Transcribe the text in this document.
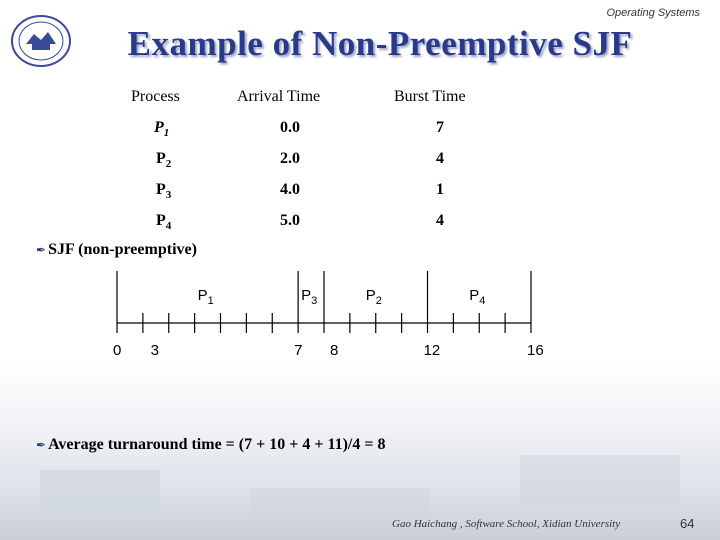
Operating Systems
Example of Non-Preemptive SJF
Process	Arrival Time	Burst Time
$P_1$	0.0	7
$P_2$	2.0	4
$P_3$	4.0	1
$P_4$	5.0	4
✒ SJF (non-preemptive)
$P_1$	$P_3$	$P_2$	$P_4$
0 3	7 8	12	16
✒ Average turnaround time = (7 + 10 + 4 + 11)/4 = 8
Gao Haichang , Software School, Xidian University	64
